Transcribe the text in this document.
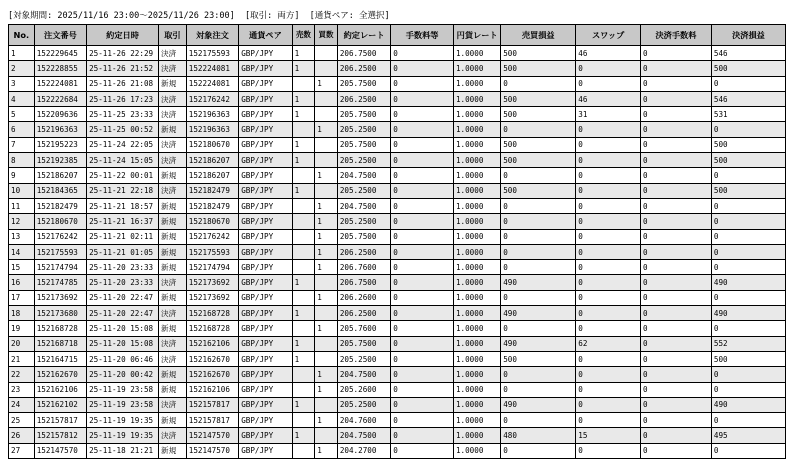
[対象期間: 2025/11/16 23:00～2025/11/26 23:00]  [取引: 両方]  [通貨ペア: 全選択]
No.	注文番号	約定日時	取引	対象注文	通貨ペア	売数	買数	約定レート	手数料等	円貨レート	売買損益	スワップ	決済手数料	決済損益
1	152229645	25-11-26 22:29	決済	152175593	GBP/JPY	1		206.7500	0	1.0000	500	46	0	546
2	152228855	25-11-26 21:52	決済	152224081	GBP/JPY	1		206.2500	0	1.0000	500	0	0	500
3	152224081	25-11-26 21:08	新規	152224081	GBP/JPY		1	205.7500	0	1.0000	0	0	0	0
4	152222684	25-11-26 17:23	決済	152176242	GBP/JPY	1		206.2500	0	1.0000	500	46	0	546
5	152209636	25-11-25 23:33	決済	152196363	GBP/JPY	1		205.7500	0	1.0000	500	31	0	531
6	152196363	25-11-25 00:52	新規	152196363	GBP/JPY		1	205.2500	0	1.0000	0	0	0	0
7	152195223	25-11-24 22:05	決済	152180670	GBP/JPY	1		205.7500	0	1.0000	500	0	0	500
8	152192385	25-11-24 15:05	決済	152186207	GBP/JPY	1		205.2500	0	1.0000	500	0	0	500
9	152186207	25-11-22 00:01	新規	152186207	GBP/JPY		1	204.7500	0	1.0000	0	0	0	0
10	152184365	25-11-21 22:18	決済	152182479	GBP/JPY	1		205.2500	0	1.0000	500	0	0	500
11	152182479	25-11-21 18:57	新規	152182479	GBP/JPY		1	204.7500	0	1.0000	0	0	0	0
12	152180670	25-11-21 16:37	新規	152180670	GBP/JPY		1	205.2500	0	1.0000	0	0	0	0
13	152176242	25-11-21 02:11	新規	152176242	GBP/JPY		1	205.7500	0	1.0000	0	0	0	0
14	152175593	25-11-21 01:05	新規	152175593	GBP/JPY		1	206.2500	0	1.0000	0	0	0	0
15	152174794	25-11-20 23:33	新規	152174794	GBP/JPY		1	206.7600	0	1.0000	0	0	0	0
16	152174785	25-11-20 23:33	決済	152173692	GBP/JPY	1		206.7500	0	1.0000	490	0	0	490
17	152173692	25-11-20 22:47	新規	152173692	GBP/JPY		1	206.2600	0	1.0000	0	0	0	0
18	152173680	25-11-20 22:47	決済	152168728	GBP/JPY	1		206.2500	0	1.0000	490	0	0	490
19	152168728	25-11-20 15:08	新規	152168728	GBP/JPY		1	205.7600	0	1.0000	0	0	0	0
20	152168718	25-11-20 15:08	決済	152162106	GBP/JPY	1		205.7500	0	1.0000	490	62	0	552
21	152164715	25-11-20 06:46	決済	152162670	GBP/JPY	1		205.2500	0	1.0000	500	0	0	500
22	152162670	25-11-20 00:42	新規	152162670	GBP/JPY		1	204.7500	0	1.0000	0	0	0	0
23	152162106	25-11-19 23:58	新規	152162106	GBP/JPY		1	205.2600	0	1.0000	0	0	0	0
24	152162102	25-11-19 23:58	決済	152157817	GBP/JPY	1		205.2500	0	1.0000	490	0	0	490
25	152157817	25-11-19 19:35	新規	152157817	GBP/JPY		1	204.7600	0	1.0000	0	0	0	0
26	152157812	25-11-19 19:35	決済	152147570	GBP/JPY	1		204.7500	0	1.0000	480	15	0	495
27	152147570	25-11-18 21:21	新規	152147570	GBP/JPY		1	204.2700	0	1.0000	0	0	0	0
